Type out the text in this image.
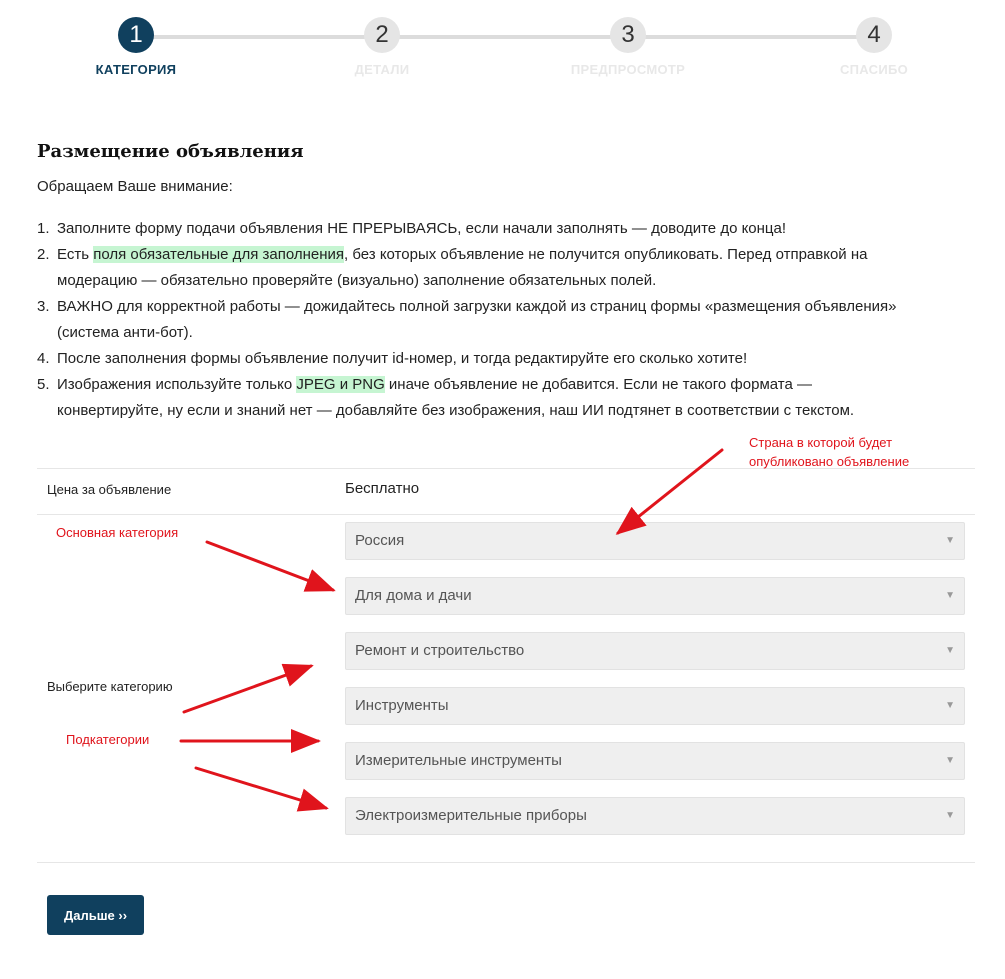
1
КАТЕГОРИЯ
2
ДЕТАЛИ
3
ПРЕДПРОСМОТР
4
СПАСИБО
Размещение объявления
Обращаем Ваше внимание:
1. Заполните форму подачи объявления НЕ ПРЕРЫВАЯСЬ, если начали заполнять — доводите до конца!
2. Есть поля обязательные для заполнения, без которых объявление не получится опубликовать. Перед отправкой на
модерацию — обязательно проверяйте (визуально) заполнение обязательных полей.
3. ВАЖНО для корректной работы — дожидайтесь полной загрузки каждой из страниц формы «размещения объявления»
(система анти-бот).
4. После заполнения формы объявление получит id-номер, и тогда редактируйте его сколько хотите!
5. Изображения используйте только JPEG и PNG иначе объявление не добавится. Если не такого формата —
конвертируйте, ну если и знаний нет — добавляйте без изображения, наш ИИ подтянет в соответствии с текстом.
Цена за объявление	Бесплатно
Выберите категорию
Россия	▼
Для дома и дачи	▼
Ремонт и строительство	▼
Инструменты	▼
Измерительные инструменты	▼
Электроизмерительные приборы	▼
Страна в которой будет
опубликовано объявление
Основная категория
Подкатегории
Дальше ››
